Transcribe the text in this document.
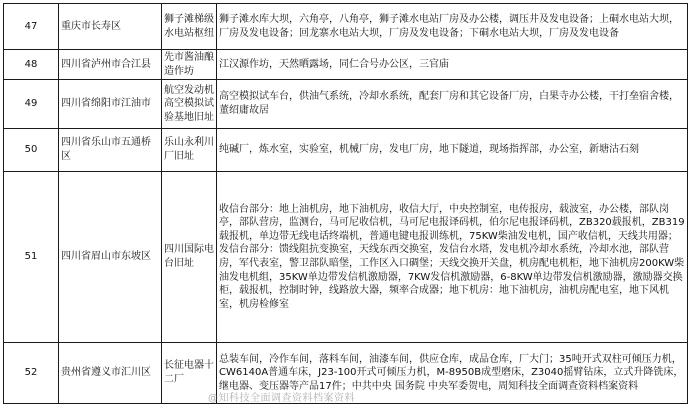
47	重庆市长寿区	狮子滩梯级水电站枢纽	狮子滩水库大坝，六角亭，八角亭，狮子滩水电站厂房及办公楼，调压井及发电设备；上硐水电站大坝，厂房及发电设备；回龙寨水电站大坝，厂房及发电设备；下硐水电站大坝，厂房及发电设备
48	四川省泸州市合江县	先市酱油酿造作坊	江汉源作坊，天然晒露场，同仁合号办公区，三官庙
49	四川省绵阳市江油市	航空发动机高空模拟试验基地旧址	高空模拟试车台，供油气系统，冷却水系统，配套厂房和其它设备厂房，白果寺办公楼，干打垒宿舍楼，董绍庸故居
50	四川省乐山市五通桥区	乐山永利川厂旧址	纯碱厂，炼水室，实验室，机械厂房，发电厂房，地下隧道，现场指挥部，办公室，新塘沽石刻
51	四川省眉山市东坡区	四川国际电台旧址	收信台部分：地上油机房，地下油机房，收信大厅，中央控制室，电传报房，载波室，办公楼，部队岗亭，部队营房，监测台，马可尼收信机，马可尼电报译码机，伯尔尼电报译码机，ZB320载报机，ZB319载报机，单边带无线电话终端机，普通电键电报训练机，75KW柴油发电机，国产收信机，天线共用器；发信台部分：馈线阻抗变换室，天线东西交换室，发信台水塔，发电机冷却水系统，冷却水池，部队营房，军代表室，警卫部队暗堡，工作区入口碉堡；天线交换开关盘，机房配电机柜，地下油机房200KW柴油发电机组，35KW单边带发信机激励器，7KW发信机激励器，6-8KW单边带发信机激励器，激励器交换柜，载报机，控制时钟，线路放大器，频率合成器；地下机房：地下油机房，油机房配电室，地下风机室，机房检修室
52	贵州省遵义市汇川区	长征电器十二厂	总装车间，冷作车间，落料车间，油漆车间，供应仓库，成品仓库，厂大门；35吨开式双柱可倾压力机，CW6140A普通车床，J23-100开式可倾压力机，M-8950B成型磨床，Z3040摇臂钻床，立式升降铣床，继电器、变压器等产品17件；中共中央 国务院 中央军委贺电，周知科技全面调查资料档案资料
@知科技全面调查资料档案资料
